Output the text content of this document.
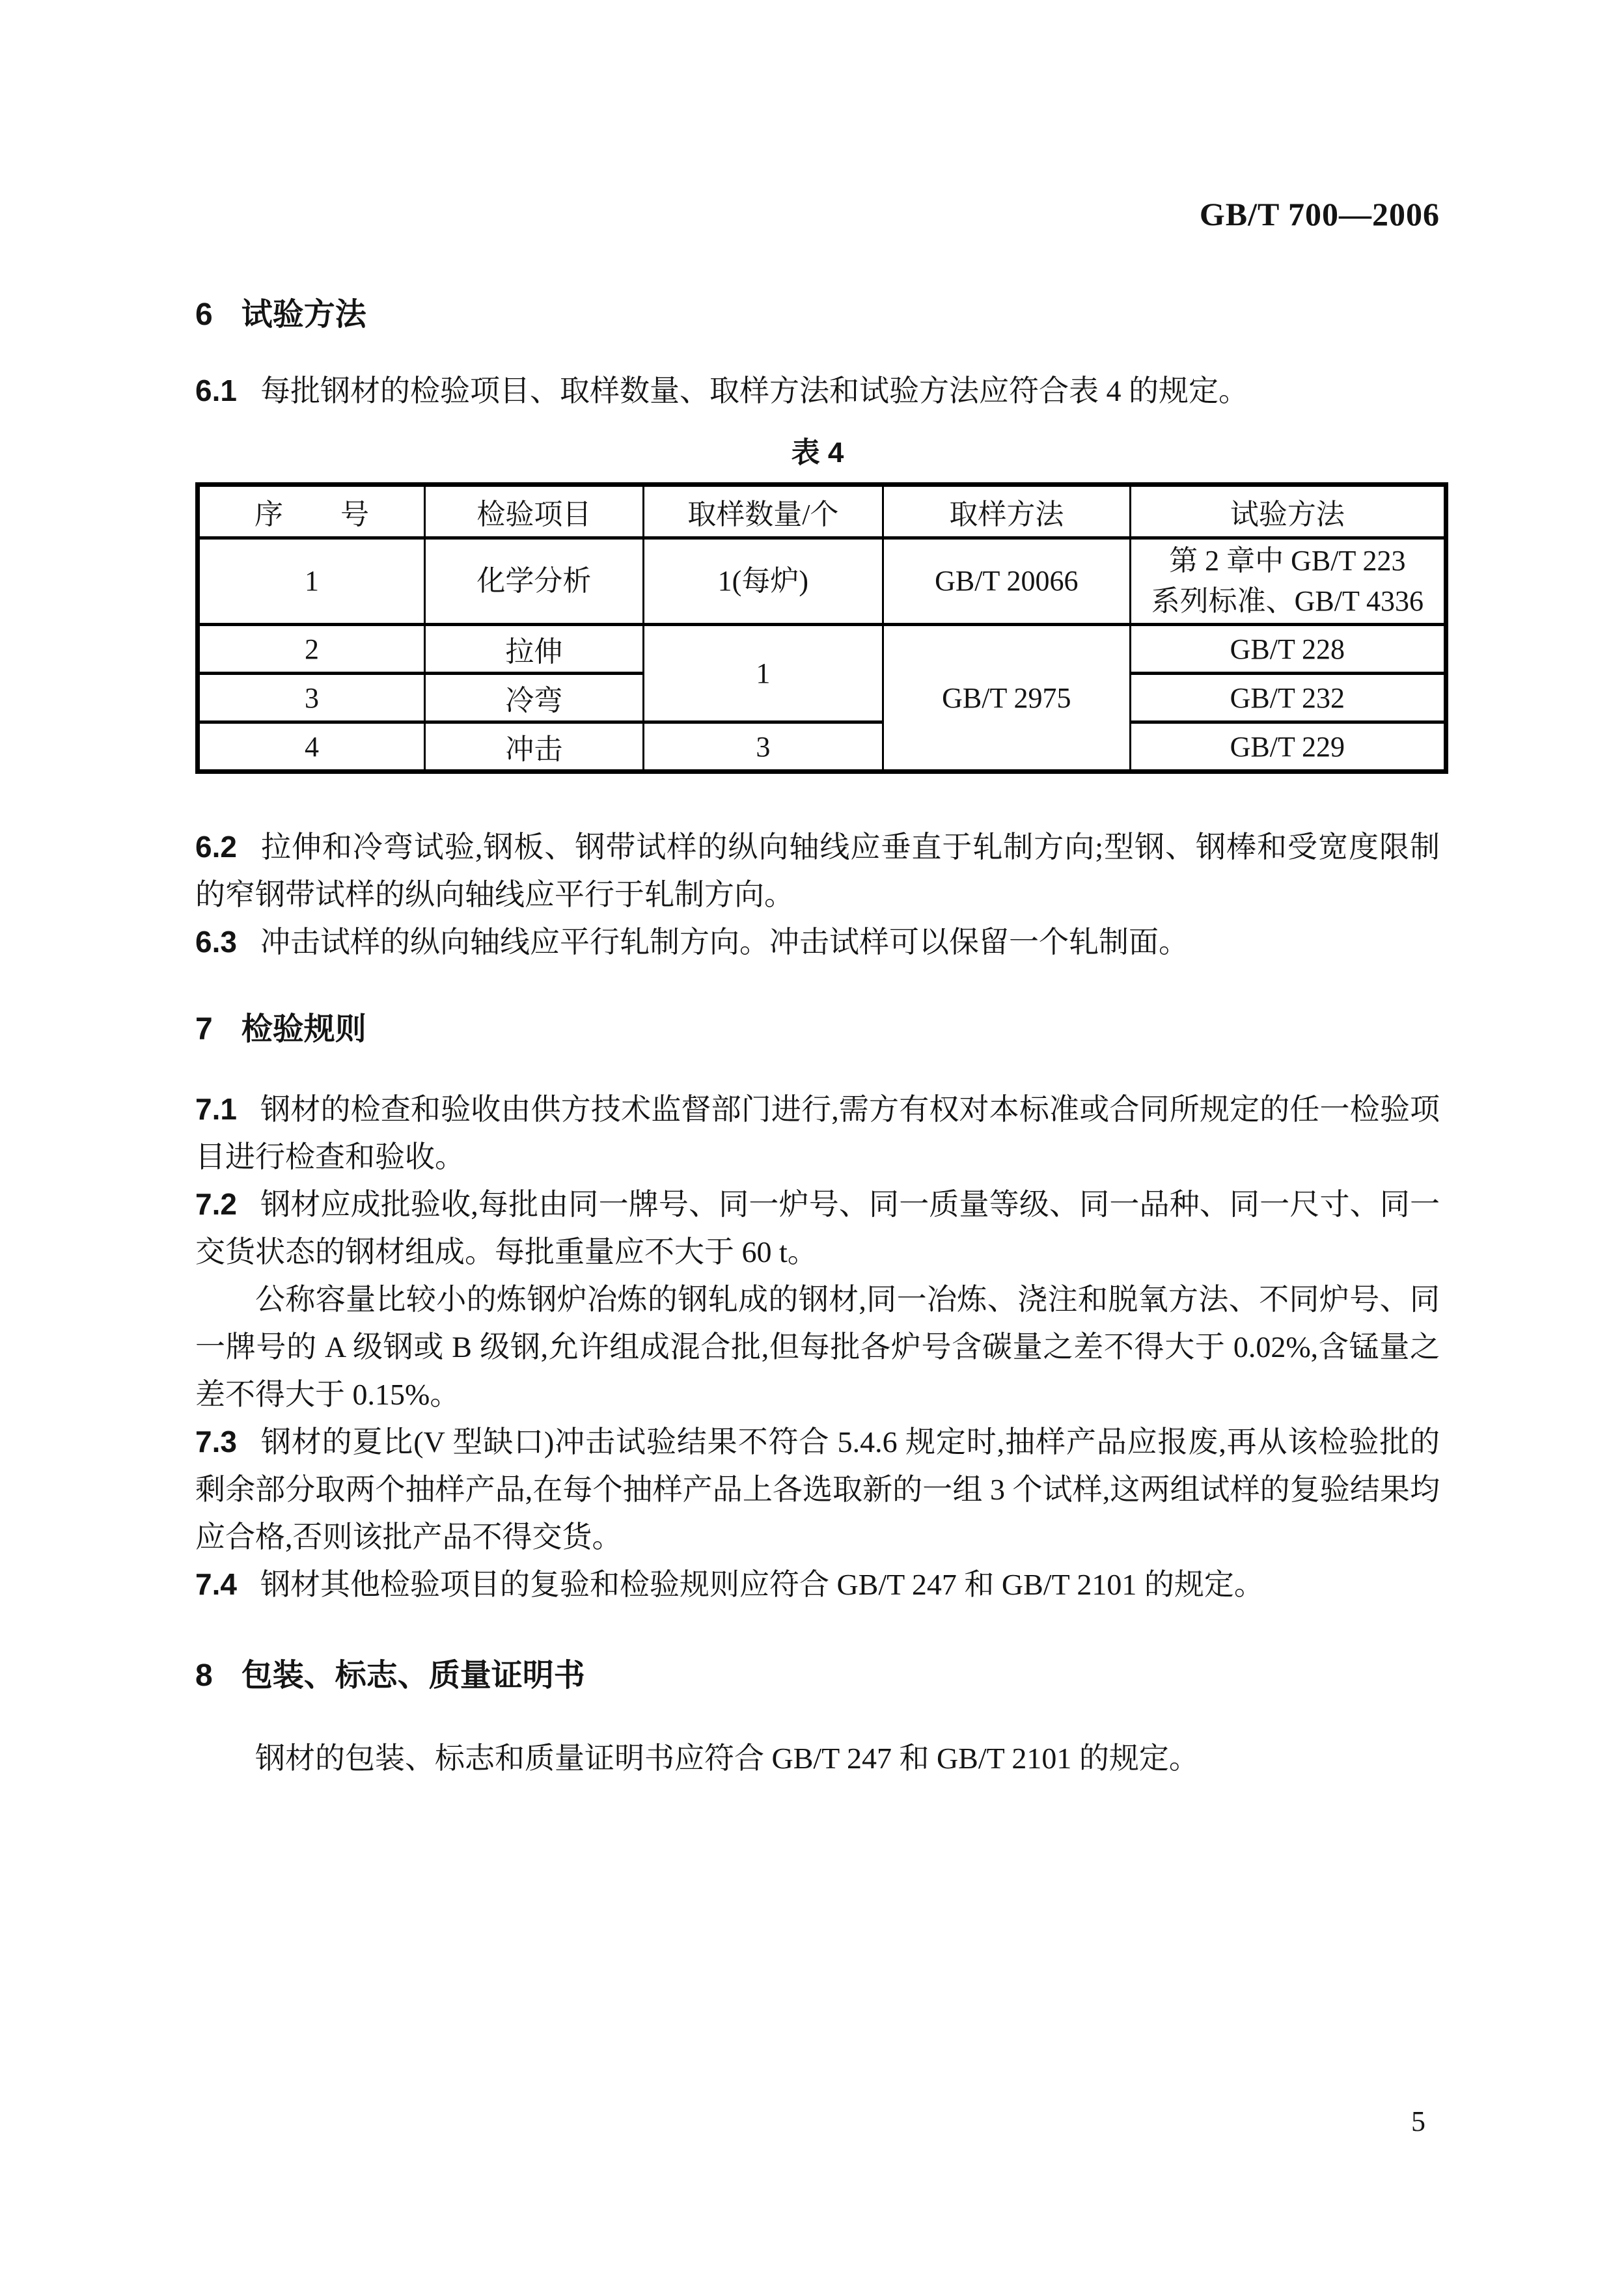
GB/T 700—2006
6 试验方法

6.1 每批钢材的检验项目、取样数量、取样方法和试验方法应符合表 4 的规定。

表 4
序　　号	检验项目	取样数量/个	取样方法	试验方法
1	化学分析	1(每炉)	GB/T 20066	第 2 章中 GB/T 223
系列标准、GB/T 4336

2	拉伸	1	GB/T 2975	GB/T 228
3	冷弯			GB/T 232
4	冲击	3		GB/T 229

6.2 拉伸和冷弯试验,钢板、钢带试样的纵向轴线应垂直于轧制方向;型钢、钢棒和受宽度限制的窄钢带试样的纵向轴线应平行于轧制方向。

6.3 冲击试样的纵向轴线应平行轧制方向。冲击试样可以保留一个轧制面。

7 检验规则

7.1 钢材的检查和验收由供方技术监督部门进行,需方有权对本标准或合同所规定的任一检验项目进行检查和验收。

7.2 钢材应成批验收,每批由同一牌号、同一炉号、同一质量等级、同一品种、同一尺寸、同一交货状态的钢材组成。每批重量应不大于 60 t。

公称容量比较小的炼钢炉冶炼的钢轧成的钢材,同一冶炼、浇注和脱氧方法、不同炉号、同一牌号的 A 级钢或 B 级钢,允许组成混合批,但每批各炉号含碳量之差不得大于 0.02%,含锰量之差不得大于 0.15%。

7.3 钢材的夏比(V 型缺口)冲击试验结果不符合 5.4.6 规定时,抽样产品应报废,再从该检验批的剩余部分取两个抽样产品,在每个抽样产品上各选取新的一组 3 个试样,这两组试样的复验结果均应合格,否则该批产品不得交货。

7.4 钢材其他检验项目的复验和检验规则应符合 GB/T 247 和 GB/T 2101 的规定。

8 包装、标志、质量证明书

钢材的包装、标志和质量证明书应符合 GB/T 247 和 GB/T 2101 的规定。

5
